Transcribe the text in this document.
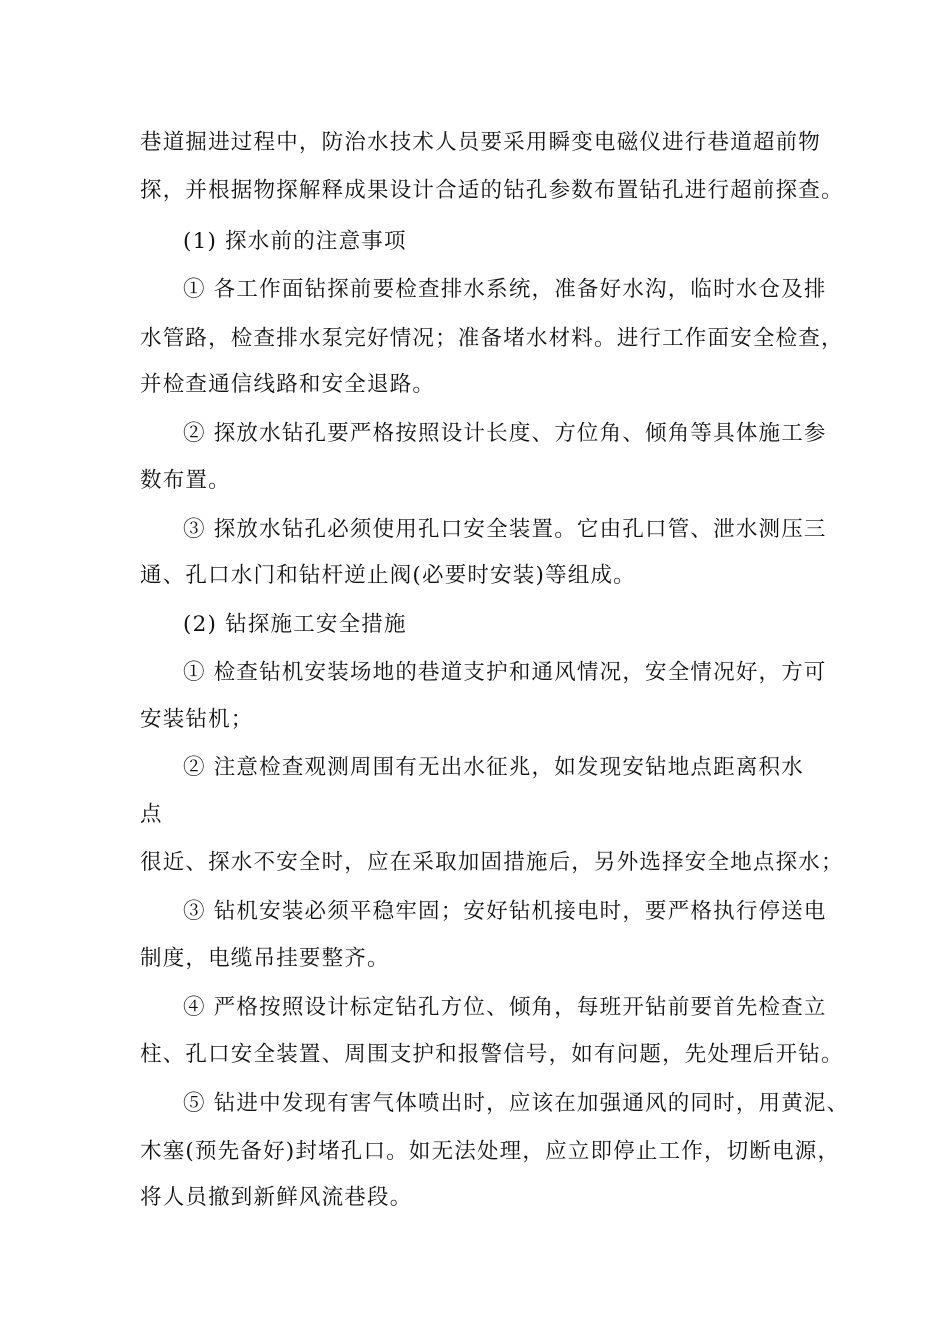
巷道掘进过程中，防治水技术人员要采用瞬变电磁仪进行巷道超前物
探，并根据物探解释成果设计合适的钻孔参数布置钻孔进行超前探查。
(1) 探水前的注意事项
① 各工作面钻探前要检查排水系统，准备好水沟，临时水仓及排
水管路，检查排水泵完好情况；准备堵水材料。进行工作面安全检查，
并检查通信线路和安全退路。
② 探放水钻孔要严格按照设计长度、方位角、倾角等具体施工参
数布置。
③ 探放水钻孔必须使用孔口安全装置。它由孔口管、泄水测压三
通、孔口水门和钻杆逆止阀(必要时安装)等组成。
(2) 钻探施工安全措施
① 检查钻机安装场地的巷道支护和通风情况，安全情况好，方可
安装钻机；
② 注意检查观测周围有无出水征兆，如发现安钻地点距离积水
点
很近、探水不安全时，应在采取加固措施后，另外选择安全地点探水；
③ 钻机安装必须平稳牢固；安好钻机接电时，要严格执行停送电
制度，电缆吊挂要整齐。
④ 严格按照设计标定钻孔方位、倾角，每班开钻前要首先检查立
柱、孔口安全装置、周围支护和报警信号，如有问题，先处理后开钻。
⑤ 钻进中发现有害气体喷出时，应该在加强通风的同时，用黄泥、
木塞(预先备好)封堵孔口。如无法处理，应立即停止工作，切断电源，
将人员撤到新鲜风流巷段。
